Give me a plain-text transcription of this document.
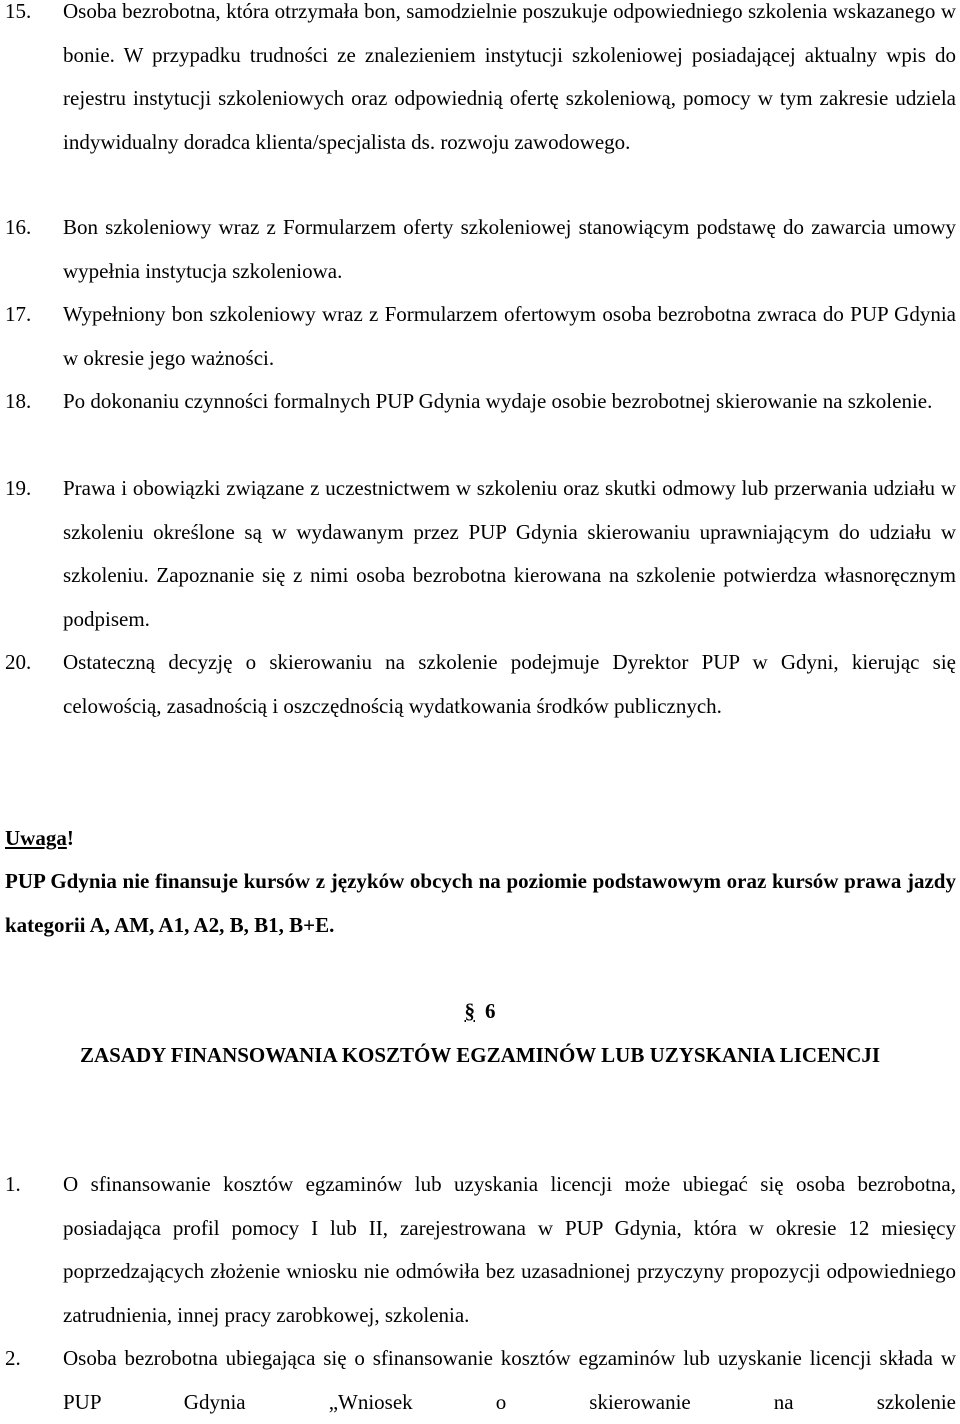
15. Osoba bezrobotna, która otrzymała bon, samodzielnie poszukuje odpowiedniego szkolenia wskazanego w bonie. W przypadku trudności ze znalezieniem instytucji szkoleniowej posiadającej aktualny wpis do rejestru instytucji szkoleniowych oraz odpowiednią ofertę szkoleniową, pomocy w tym zakresie udziela indywidualny doradca klienta/specjalista ds. rozwoju zawodowego.
16. Bon szkoleniowy wraz z Formularzem oferty szkoleniowej stanowiącym podstawę do zawarcia umowy wypełnia instytucja szkoleniowa.
17. Wypełniony bon szkoleniowy wraz z Formularzem ofertowym osoba bezrobotna zwraca do PUP Gdynia w okresie jego ważności.
18. Po dokonaniu czynności formalnych PUP Gdynia wydaje osobie bezrobotnej skierowanie na szkolenie.
19. Prawa i obowiązki związane z uczestnictwem w szkoleniu oraz skutki odmowy lub przerwania udziału w szkoleniu określone są w wydawanym przez PUP Gdynia skierowaniu uprawniającym do udziału w szkoleniu. Zapoznanie się z nimi osoba bezrobotna kierowana na szkolenie potwierdza własnoręcznym podpisem.
20. Ostateczną decyzję o skierowaniu na szkolenie podejmuje Dyrektor PUP w Gdyni, kierując się celowością, zasadnością i oszczędnością wydatkowania środków publicznych.
Uwaga!
PUP Gdynia nie finansuje kursów z języków obcych na poziomie podstawowym oraz kursów prawa jazdy kategorii A, AM, A1, A2, B, B1, B+E.
§ 6
ZASADY FINANSOWANIA KOSZTÓW EGZAMINÓW LUB UZYSKANIA LICENCJI
1. O sfinansowanie kosztów egzaminów lub uzyskania licencji może ubiegać się osoba bezrobotna, posiadająca profil pomocy I lub II, zarejestrowana w PUP Gdynia, która w okresie 12 miesięcy poprzedzających złożenie wniosku nie odmówiła bez uzasadnionej przyczyny propozycji odpowiedniego zatrudnienia, innej pracy zarobkowej, szkolenia.
2. Osoba bezrobotna ubiegająca się o sfinansowanie kosztów egzaminów lub uzyskanie licencji składa w PUP Gdynia „Wniosek o skierowanie na szkolenie
